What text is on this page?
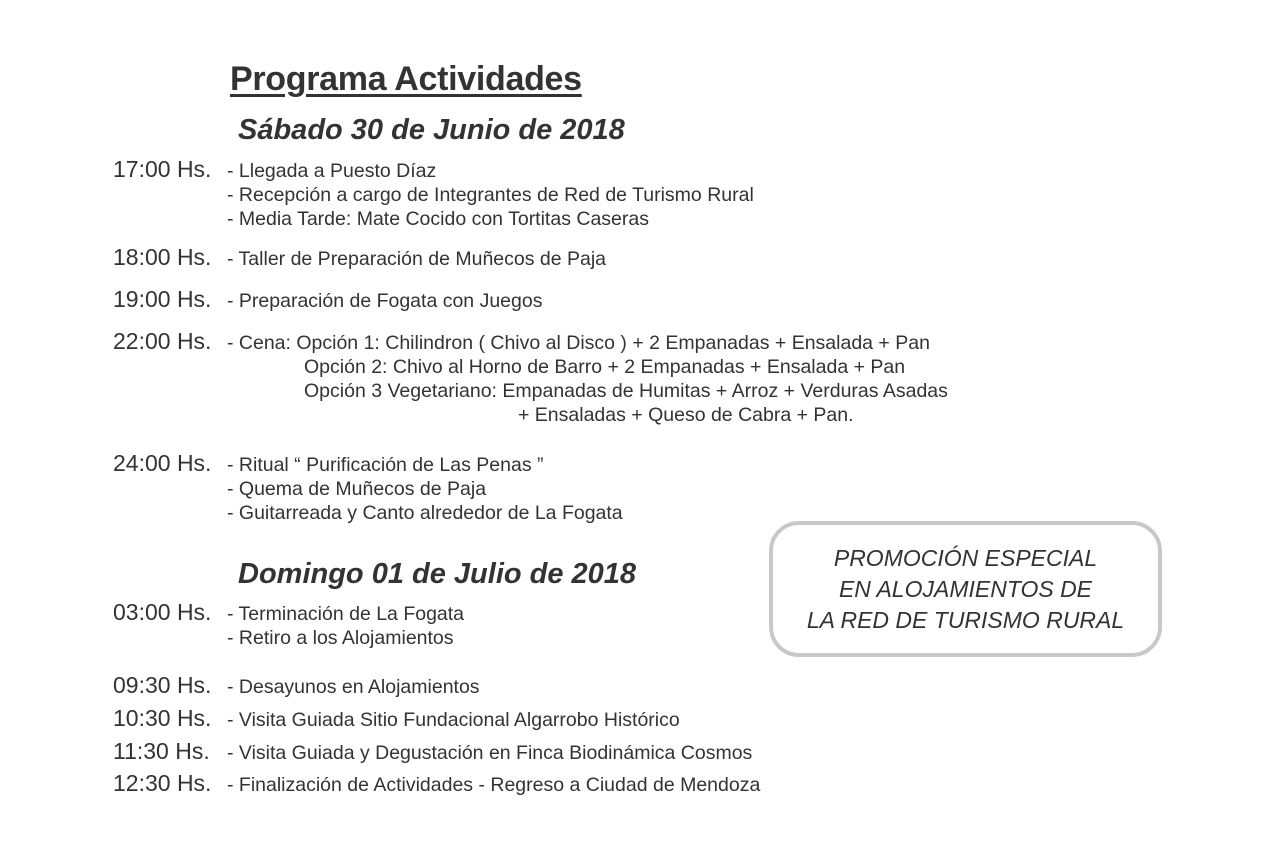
Programa Actividades
Sábado 30 de Junio de 2018
17:00 Hs. - Llegada a Puesto Díaz
- Recepción a cargo de Integrantes de Red de Turismo Rural
- Media Tarde: Mate Cocido con Tortitas Caseras
18:00 Hs. - Taller de Preparación de Muñecos de Paja
19:00 Hs. - Preparación de Fogata con Juegos
22:00 Hs. - Cena: Opción 1: Chilindron ( Chivo al Disco ) + 2 Empanadas + Ensalada + Pan
Opción 2: Chivo al Horno de Barro + 2 Empanadas + Ensalada + Pan
Opción 3 Vegetariano: Empanadas de Humitas + Arroz + Verduras Asadas
+ Ensaladas + Queso de Cabra + Pan.
24:00 Hs. - Ritual “ Purificación de Las Penas ”
- Quema de Muñecos de Paja
- Guitarreada y Canto alrededor de La Fogata
Domingo 01 de Julio de 2018
03:00 Hs. - Terminación de La Fogata
- Retiro a los Alojamientos
09:30 Hs. - Desayunos en Alojamientos
10:30 Hs. - Visita Guiada Sitio Fundacional Algarrobo Histórico
11:30 Hs. - Visita Guiada y Degustación en Finca Biodinámica Cosmos
12:30 Hs. - Finalización de Actividades - Regreso a Ciudad de Mendoza
PROMOCIÓN ESPECIAL
EN ALOJAMIENTOS DE
LA RED DE TURISMO RURAL
